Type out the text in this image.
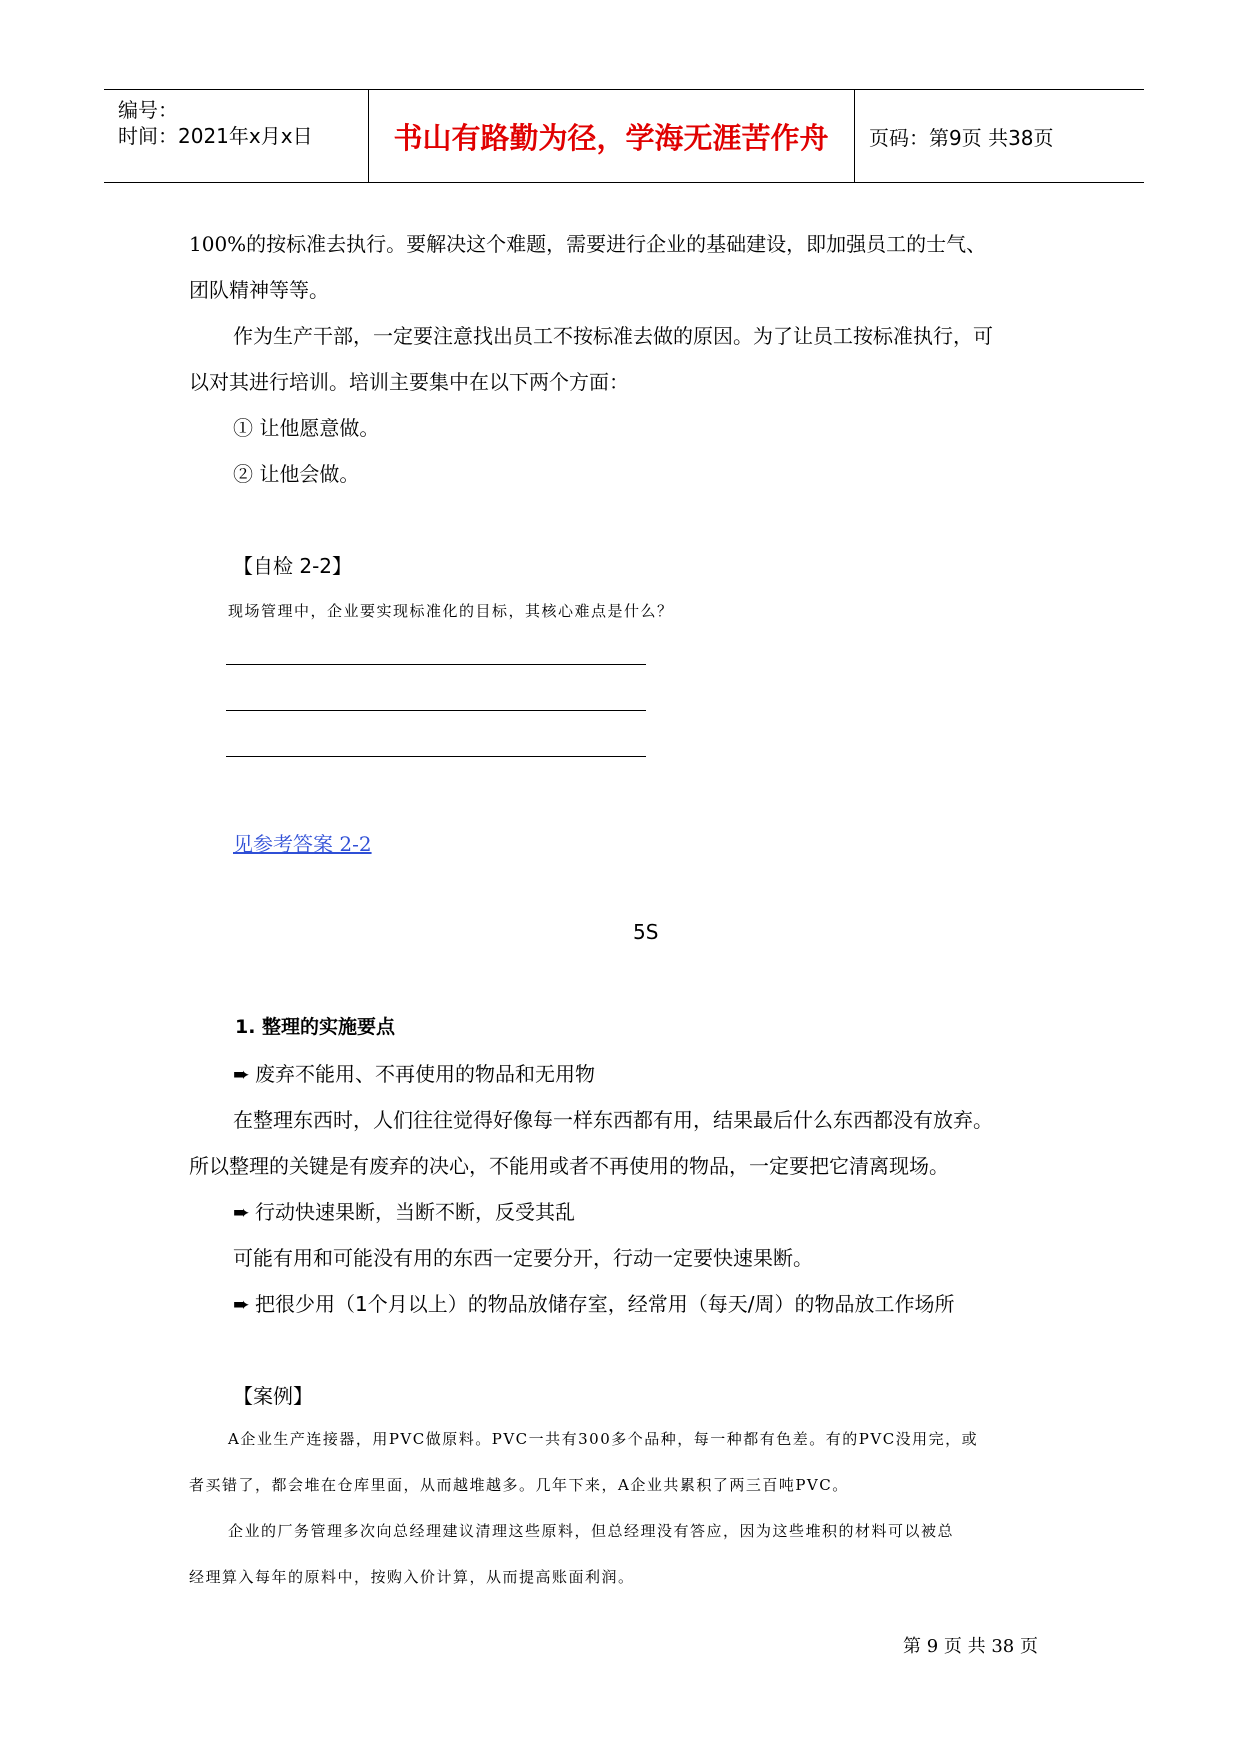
编号：
时间：2021年x月x日	书山有路勤为径，学海无涯苦作舟	页码：第9页 共38页
100%的按标准去执行。要解决这个难题，需要进行企业的基础建设，即加强员工的士气、
团队精神等等。
作为生产干部，一定要注意找出员工不按标准去做的原因。为了让员工按标准执行，可
以对其进行培训。培训主要集中在以下两个方面：
① 让他愿意做。
② 让他会做。
【自检 2-2】
现场管理中，企业要实现标准化的目标，其核心难点是什么？
见参考答案 2-2
5S
1. 整理的实施要点
➨ 废弃不能用、不再使用的物品和无用物
在整理东西时，人们往往觉得好像每一样东西都有用，结果最后什么东西都没有放弃。
所以整理的关键是有废弃的决心，不能用或者不再使用的物品，一定要把它清离现场。
➨ 行动快速果断，当断不断，反受其乱
可能有用和可能没有用的东西一定要分开，行动一定要快速果断。
➨ 把很少用（1个月以上）的物品放储存室，经常用（每天/周）的物品放工作场所
【案例】
A企业生产连接器，用PVC做原料。PVC一共有300多个品种，每一种都有色差。有的PVC没用完，或
者买错了，都会堆在仓库里面，从而越堆越多。几年下来，A企业共累积了两三百吨PVC。
企业的厂务管理多次向总经理建议清理这些原料，但总经理没有答应，因为这些堆积的材料可以被总
经理算入每年的原料中，按购入价计算，从而提高账面利润。
第 9 页 共 38 页
